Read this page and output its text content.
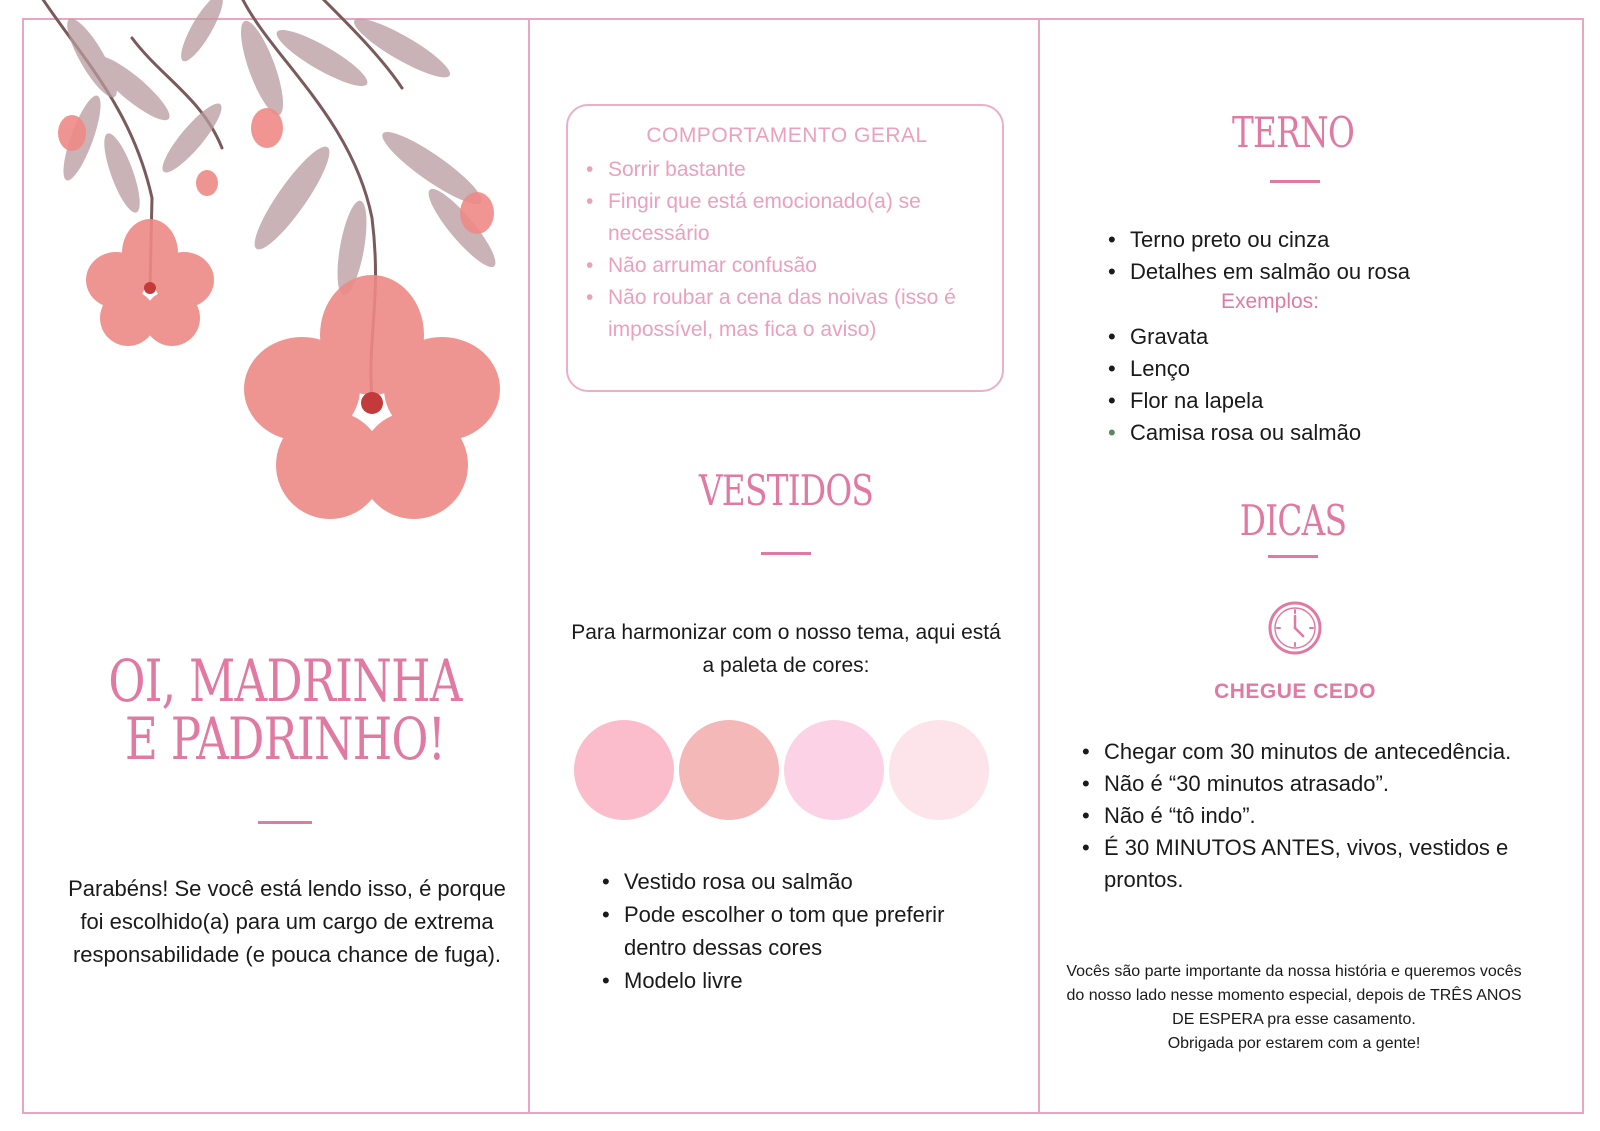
OI, MADRINHA
E PADRINHO!

Parabéns! Se você está lendo isso, é porque foi escolhido(a) para um cargo de extrema responsabilidade (e pouca chance de fuga).

COMPORTAMENTO GERAL
• Sorrir bastante
• Fingir que está emocionado(a) se necessário
• Não arrumar confusão
• Não roubar a cena das noivas (isso é impossível, mas fica o aviso)
VESTIDOS

Para harmonizar com o nosso tema, aqui está a paleta de cores:

• Vestido rosa ou salmão
• Pode escolher o tom que preferir dentro dessas cores
• Modelo livre
TERNO
• Terno preto ou cinza
• Detalhes em salmão ou rosa
Exemplos:
• Gravata
• Lenço
• Flor na lapela
• Camisa rosa ou salmão
DICAS
CHEGUE CEDO
• Chegar com 30 minutos de antecedência.
• Não é “30 minutos atrasado”.
• Não é “tô indo”.
• É 30 MINUTOS ANTES, vivos, vestidos e prontos.
Vocês são parte importante da nossa história e queremos vocês do nosso lado nesse momento especial, depois de TRÊS ANOS DE ESPERA pra esse casamento.
Obrigada por estarem com a gente!
